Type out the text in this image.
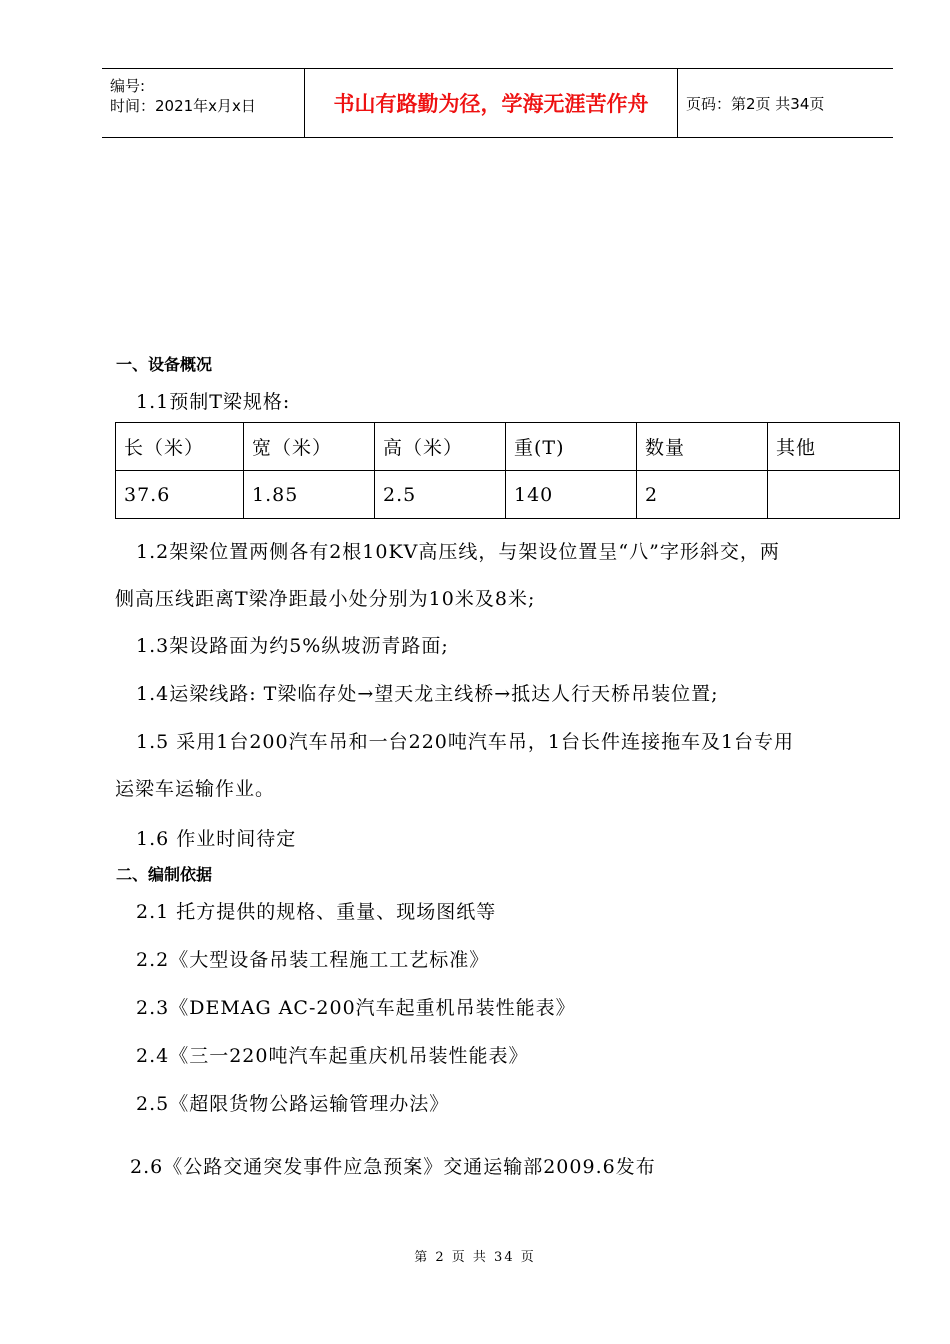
编号:
时间：2021年x月x日	书山有路勤为径，学海无涯苦作舟	页码：第2页 共34页
一、设备概况
1.1预制T梁规格:
长（米）	宽（米）	高（米）	重(T)	数量	其他
37.6	1.85	2.5	140	2	
1.2架梁位置两侧各有2根10KV高压线，与架设位置呈“八”字形斜交，两
侧高压线距离T梁净距最小处分别为10米及8米;
1.3架设路面为约5%纵坡沥青路面;
1.4运梁线路: T梁临存处→望天龙主线桥→抵达人行天桥吊装位置;
1.5 采用1台200汽车吊和一台220吨汽车吊，1台长件连接拖车及1台专用
运梁车运输作业。
1.6 作业时间待定
二、编制依据
2.1 托方提供的规格、重量、现场图纸等
2.2《大型设备吊装工程施工工艺标准》
2.3《DEMAG AC-200汽车起重机吊装性能表》
2.4《三一220吨汽车起重庆机吊装性能表》
2.5《超限货物公路运输管理办法》
2.6《公路交通突发事件应急预案》交通运输部2009.6发布
第 2 页 共 34 页
